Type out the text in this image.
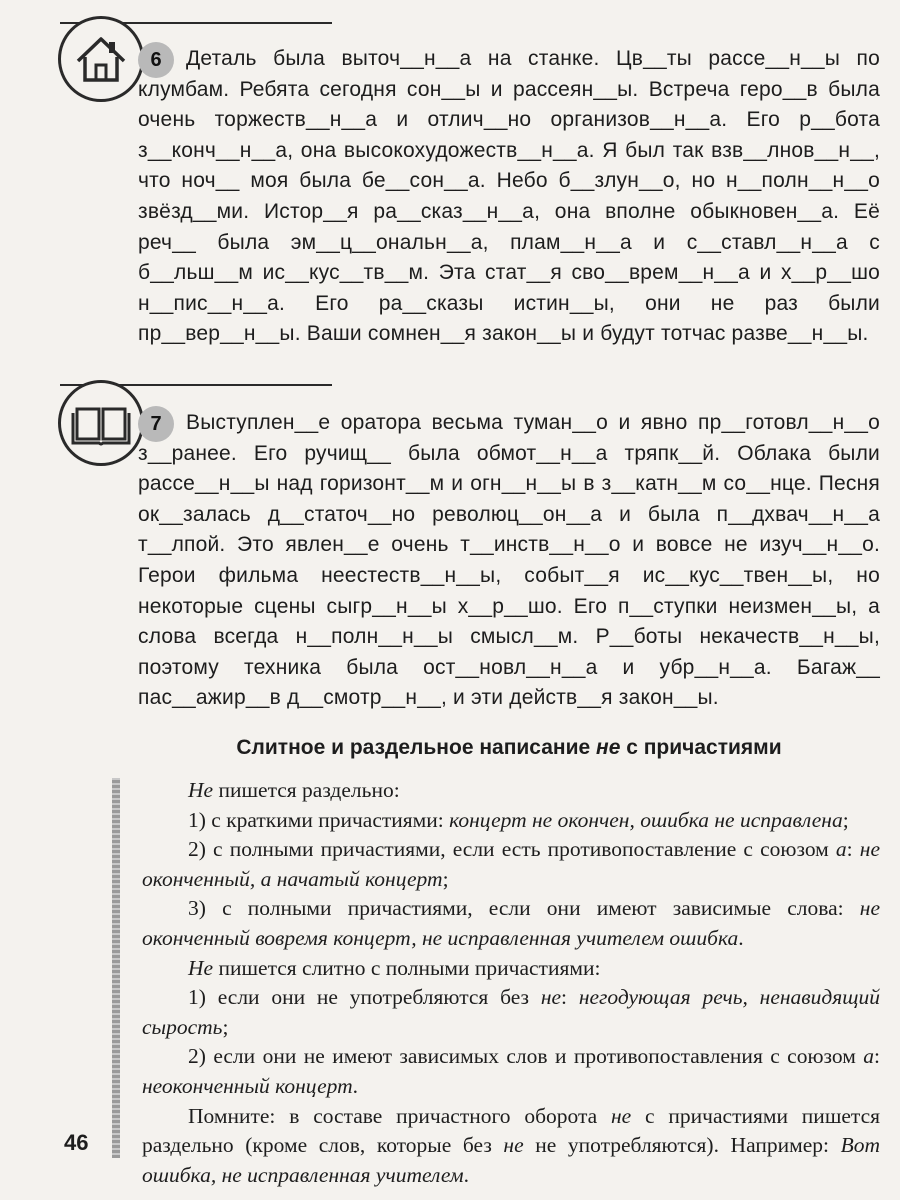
6	Деталь была выточ__н__а на станке. Цв__ты рассе__н__ы по клумбам. Ребята сегодня сон__ы и рассеян__ы. Встреча геро__в была очень торжеств__н__а и отлич__но организов__н__а. Его р__бота з__конч__н__а, она высокохудожеств__н__а. Я был так взв__лнов__н__, что ноч__ моя была бе__сон__а. Небо б__злун__о, но н__полн__н__о звёзд__ми. Истор__я ра__сказ__н__а, она вполне обыкновен__а. Её реч__ была эм__ц__ональн__а, плам__н__а и с__ставл__н__а с б__льш__м ис__кус__тв__м. Эта стат__я сво__врем__н__а и х__р__шо н__пис__н__а. Его ра__сказы истин__ы, они не раз были пр__вер__н__ы. Ваши сомнен__я закон__ы и будут тотчас разве__н__ы.

7	Выступлен__е оратора весьма туман__о и явно пр__готовл__н__о з__ранее. Его ручищ__ была обмот__н__а тряпк__й. Облака были рассе__н__ы над горизонт__м и огн__н__ы в з__катн__м со__нце. Песня ок__залась д__статоч__но революц__он__а и была п__дхвач__н__а т__лпой. Это явлен__е очень т__инств__н__о и вовсе не изуч__н__о. Герои фильма неестеств__н__ы, событ__я ис__кус__твен__ы, но некоторые сцены сыгр__н__ы х__р__шо. Его п__ступки неизмен__ы, а слова всегда н__полн__н__ы смысл__м. Р__боты некачеств__н__ы, поэтому техника была ост__новл__н__а и убр__н__а. Багаж__ пас__ажир__в д__смотр__н__, и эти действ__я закон__ы.

Слитное и раздельное написание не с причастиями

Не пишется раздельно:

1) с краткими причастиями: концерт не окончен, ошибка не исправлена;

2) с полными причастиями, если есть противопоставление с союзом а: не оконченный, а начатый концерт;

3) с полными причастиями, если они имеют зависимые слова: не оконченный вовремя концерт, не исправленная учителем ошибка.

Не пишется слитно с полными причастиями:

1) если они не употребляются без не: негодующая речь, ненавидящий сырость;

2) если они не имеют зависимых слов и противопоставления с союзом а: неоконченный концерт.

Помните: в составе причастного оборота не с причастиями пишется раздельно (кроме слов, которые без не не употребляются). Например: Вот ошибка, не исправленная учителем.

46
